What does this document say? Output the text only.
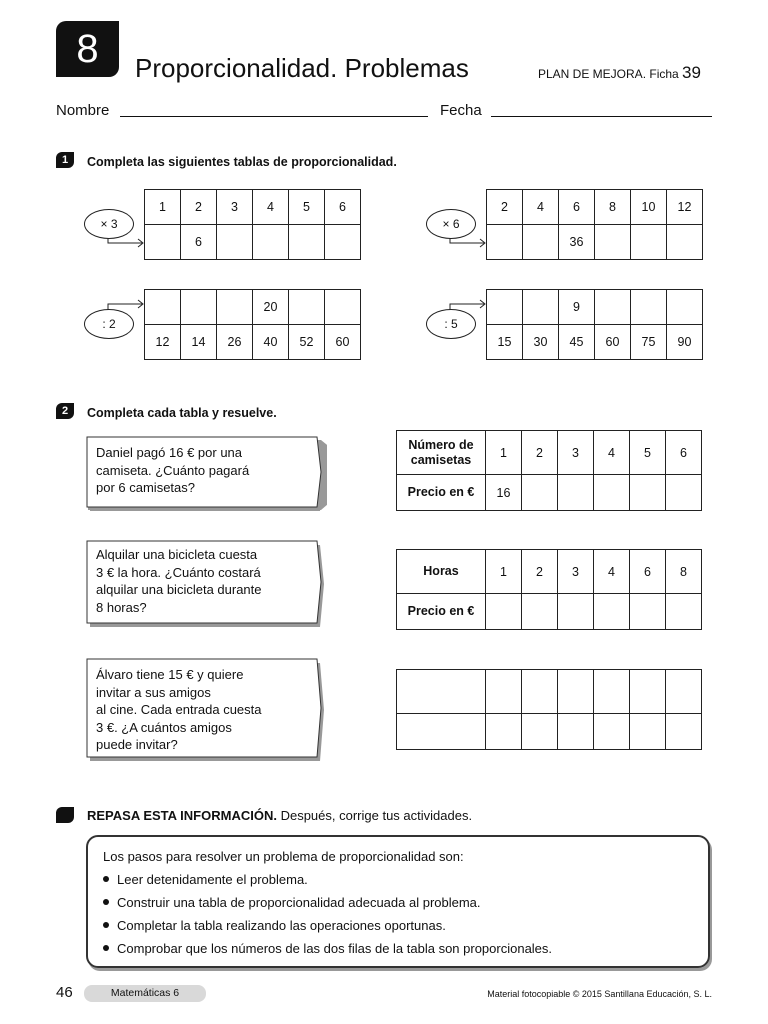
8	Proporcionalidad. Problemas	PLAN DE MEJORA. Ficha 39
Nombre	Fecha
1	Completa las siguientes tablas de proporcionalidad.
× 3
1	2	3	4	5	6
	6				
× 6
2	4	6	8	10	12
		36			
: 2
			20		
12	14	26	40	52	60
: 5
		9			
15	30	45	60	75	90
2	Completa cada tabla y resuelve.
Daniel pagó 16 € por una
camiseta. ¿Cuánto pagará
por 6 camisetas?
Número de camisetas	1	2	3	4	5	6
Precio en €	16					
Alquilar una bicicleta cuesta
3 € la hora. ¿Cuánto costará
alquilar una bicicleta durante
8 horas?
Horas	1	2	3	4	6	8
Precio en €						
Álvaro tiene 15 € y quiere
invitar a sus amigos
al cine. Cada entrada cuesta
3 €. ¿A cuántos amigos
puede invitar?

REPASA ESTA INFORMACIÓN. Después, corrige tus actividades.
Los pasos para resolver un problema de proporcionalidad son:
Leer detenidamente el problema.
Construir una tabla de proporcionalidad adecuada al problema.
Completar la tabla realizando las operaciones oportunas.
Comprobar que los números de las dos filas de la tabla son proporcionales.
46	Matemáticas 6	Material fotocopiable © 2015 Santillana Educación, S. L.
